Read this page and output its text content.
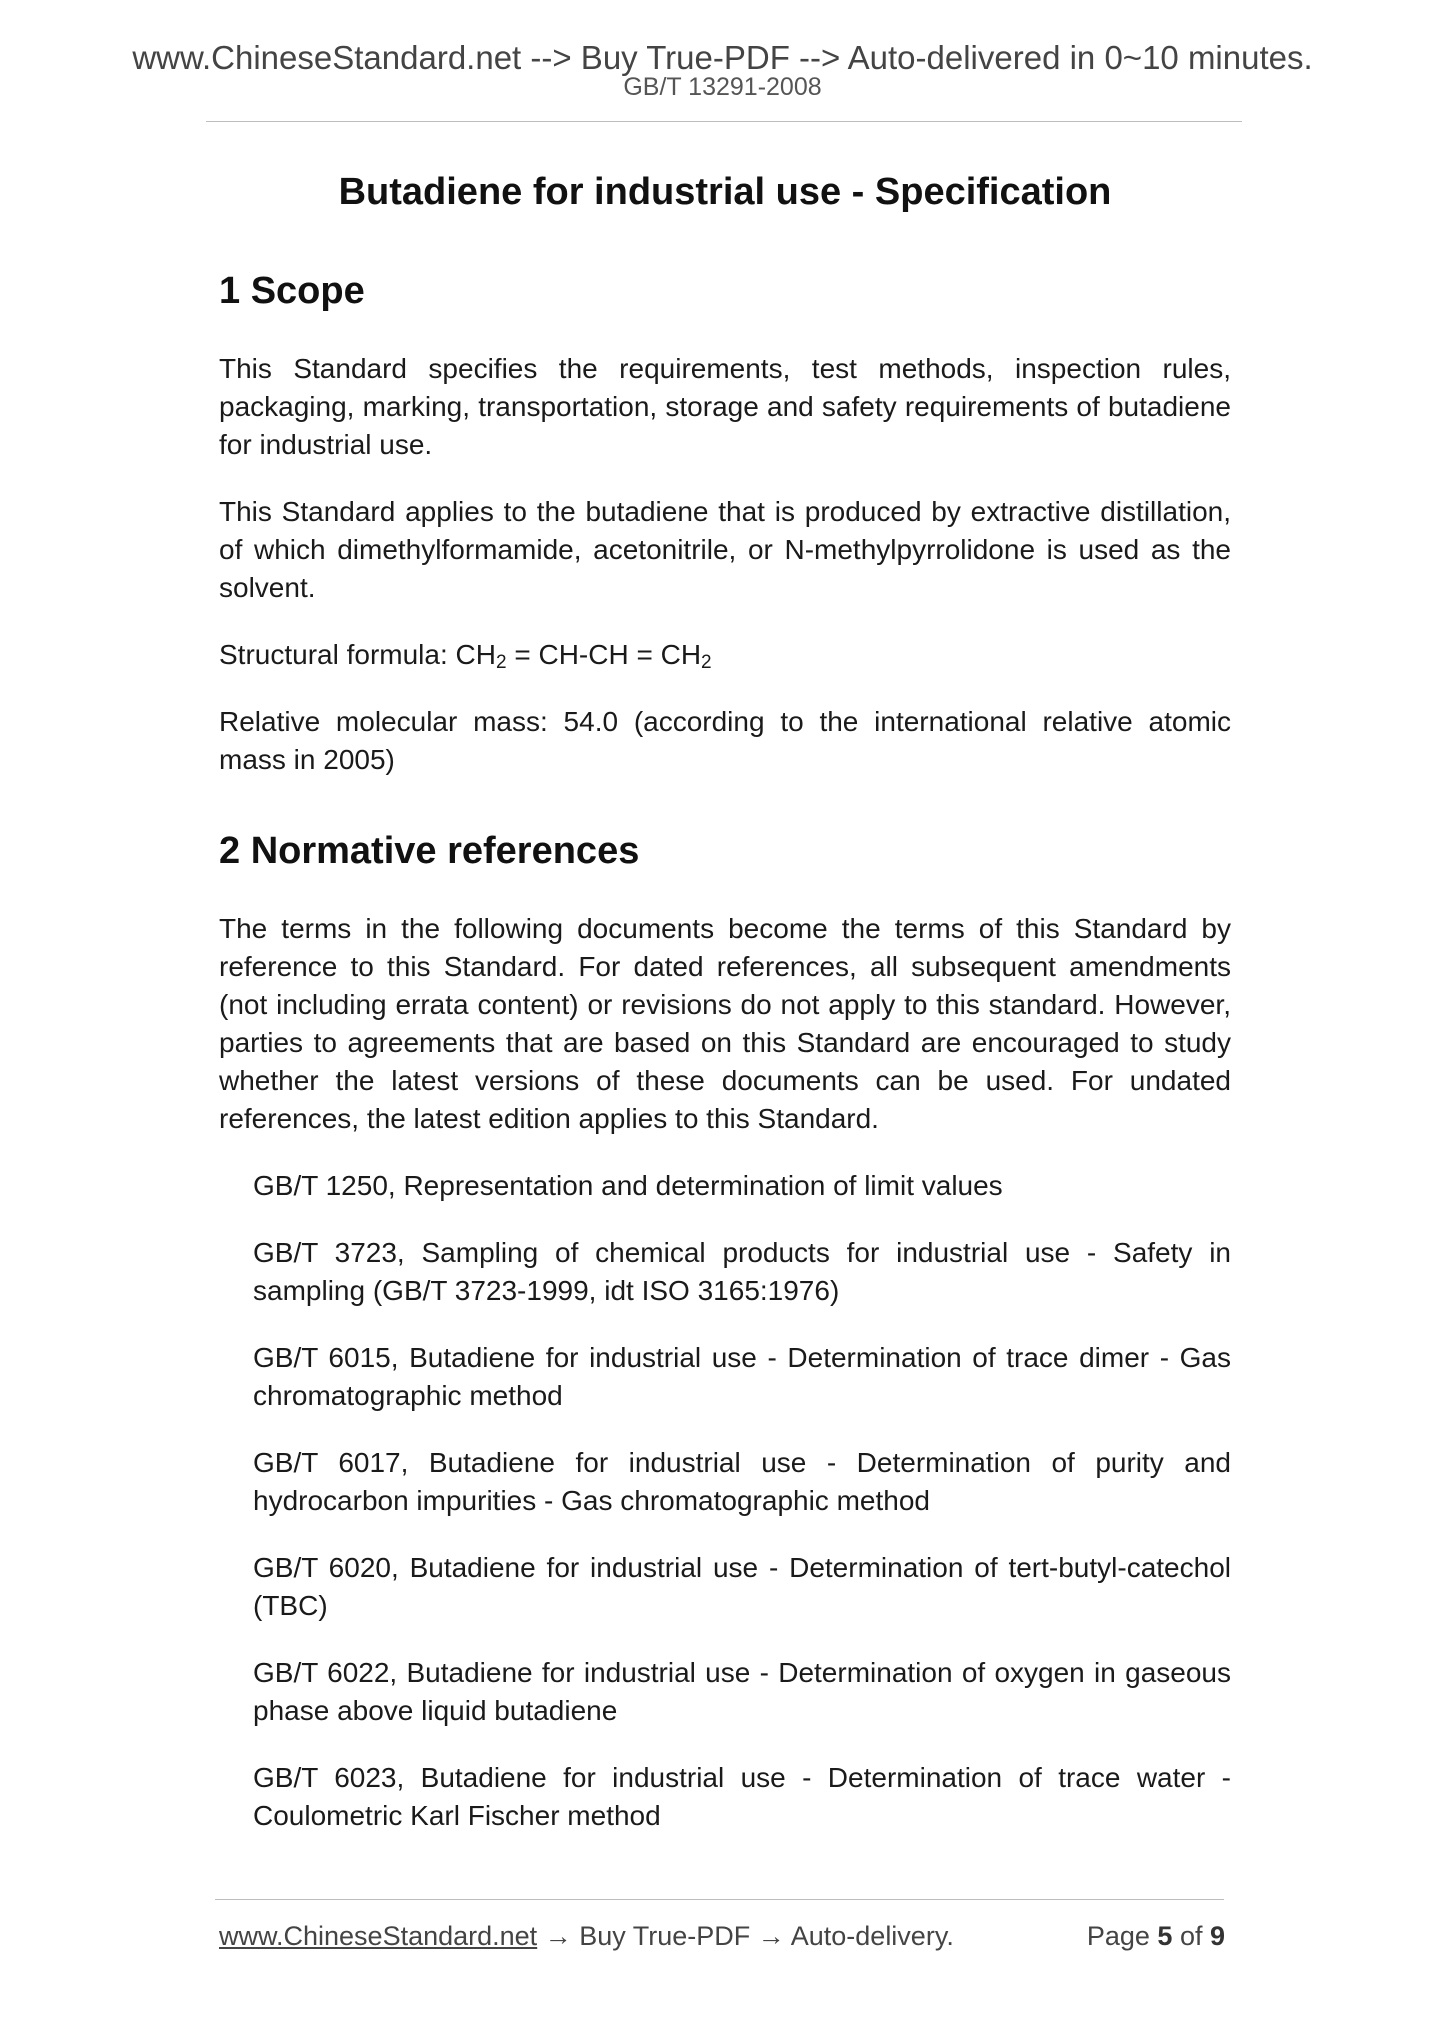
www.ChineseStandard.net --> Buy True-PDF --> Auto-delivered in 0~10 minutes.
GB/T 13291-2008
Butadiene for industrial use - Specification
1 Scope

This Standard specifies the requirements, test methods, inspection rules, packaging, marking, transportation, storage and safety requirements of butadiene for industrial use.

This Standard applies to the butadiene that is produced by extractive distillation, of which dimethylformamide, acetonitrile, or N-methylpyrrolidone is used as the solvent.

Structural formula: $CH_2 = CH-CH = CH_2$

Relative molecular mass: 54.0 (according to the international relative atomic mass in 2005)

2 Normative references

The terms in the following documents become the terms of this Standard by reference to this Standard. For dated references, all subsequent amendments (not including errata content) or revisions do not apply to this standard. However, parties to agreements that are based on this Standard are encouraged to study whether the latest versions of these documents can be used. For undated references, the latest edition applies to this Standard.

GB/T 1250, Representation and determination of limit values
GB/T 3723, Sampling of chemical products for industrial use - Safety in sampling (GB/T 3723-1999, idt ISO 3165:1976)
GB/T 6015, Butadiene for industrial use - Determination of trace dimer - Gas chromatographic method
GB/T 6017, Butadiene for industrial use - Determination of purity and hydrocarbon impurities - Gas chromatographic method
GB/T 6020, Butadiene for industrial use - Determination of tert-butyl-catechol (TBC)
GB/T 6022, Butadiene for industrial use - Determination of oxygen in gaseous phase above liquid butadiene
GB/T 6023, Butadiene for industrial use - Determination of trace water - Coulometric Karl Fischer method
www.ChineseStandard.net → Buy True-PDF → Auto-delivery.	Page 5 of 9
